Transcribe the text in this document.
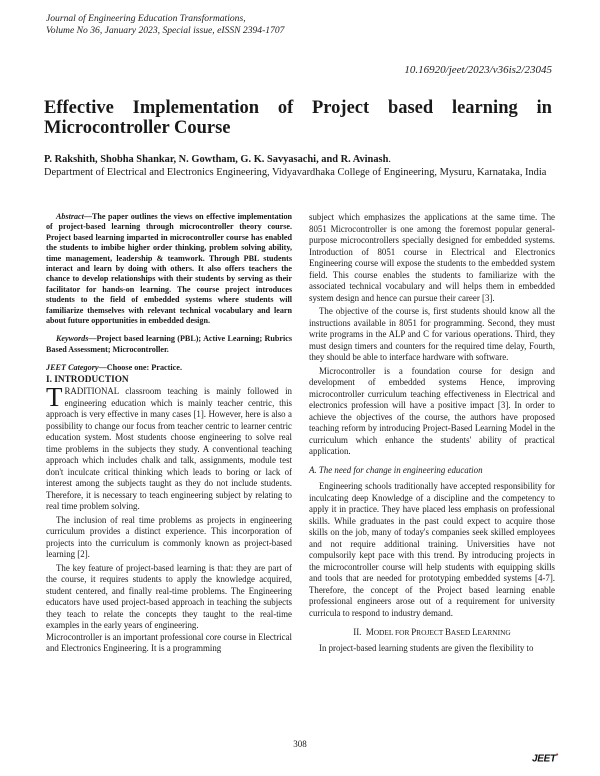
Journal of Engineering Education Transformations,
Volume No 36, January 2023, Special issue, eISSN 2394-1707
10.16920/jeet/2023/v36is2/23045
Effective Implementation of Project based learning in
Microcontroller Course
P. Rakshith, Shobha Shankar, N. Gowtham, G. K. Savyasachi, and R. Avinash.
Department of Electrical and Electronics Engineering, Vidyavardhaka College of Engineering, Mysuru, Karnataka, India

Abstract—The paper outlines the views on effective implementation of project-based learning through microcontroller theory course. Project based learning imparted in microcontroller course has enabled the students to imbibe higher order thinking, problem solving ability, time management, leadership & teamwork. Through PBL students interact and learn by doing with others. It also offers teachers the chance to develop relationships with their students by serving as their facilitator for hands-on learning. The course project introduces students to the field of embedded systems where students will familiarize themselves with relevant technical vocabulary and learn about future opportunities in embedded design.

Keywords—Project based learning (PBL); Active Learning; Rubrics Based Assessment; Microcontroller.

JEET Category—Choose one: Practice.

I. INTRODUCTION

TRADITIONAL classroom teaching is mainly followed in engineering education which is mainly teacher centric, this approach is very effective in many cases [1]. However, here is also a possibility to change our focus from teacher centric to learner centric education system. Most students choose engineering to solve real time problems in the subjects they study. A conventional teaching approach which includes chalk and talk, assignments, module test don't inculcate critical thinking which leads to boring or lack of interest among the subjects taught as they do not include students. Therefore, it is necessary to teach engineering subject by relating to real time problem solving.

The inclusion of real time problems as projects in engineering curriculum provides a distinct experience. This incorporation of projects into the curriculum is commonly known as project-based learning [2].

The key feature of project-based learning is that: they are part of the course, it requires students to apply the knowledge acquired, student centered, and finally real-time problems. The Engineering educators have used project-based approach in teaching the subjects they teach to relate the concepts they taught to the real-time examples in the early years of engineering.

Microcontroller is an important professional core course in Electrical and Electronics Engineering. It is a programming

subject which emphasizes the applications at the same time. The 8051 Microcontroller is one among the foremost popular general-purpose microcontrollers specially designed for embedded systems. Introduction of 8051 course in Electrical and Electronics Engineering course will expose the students to the embedded system field. This course enables the students to familiarize with the associated technical vocabulary and will helps them in embedded system design and hence can pursue their career [3].

The objective of the course is, first students should know all the instructions available in 8051 for programming. Second, they must write programs in the ALP and C for various operations. Third, they must design timers and counters for the required time delay, Fourth, they should be able to interface hardware with software.

Microcontroller is a foundation course for design and development of embedded systems Hence, improving microcontroller curriculum teaching effectiveness in Electrical and electronics profession will have a positive impact [3]. In order to achieve the objectives of the course, the authors have proposed teaching reform by introducing Project-Based Learning Model in the curriculum which enhance the students' ability of practical application.

A. The need for change in engineering education

Engineering schools traditionally have accepted responsibility for inculcating deep Knowledge of a discipline and the competency to apply it in practice. They have placed less emphasis on professional skills. While graduates in the past could expect to acquire those skills on the job, many of today's companies seek skilled employees and not require additional training. Universities have not compulsorily kept pace with this trend. By introducing projects in the microcontroller course will help students with equipping skills and tools that are needed for prototyping embedded systems [4-7]. Therefore, the concept of the Project based learning enable professional engineers arose out of a requirement for university curricula to respond to industry demand.

II. MODEL FOR PROJECT BASED LEARNING

In project-based learning students are given the flexibility to

308
JEET•
